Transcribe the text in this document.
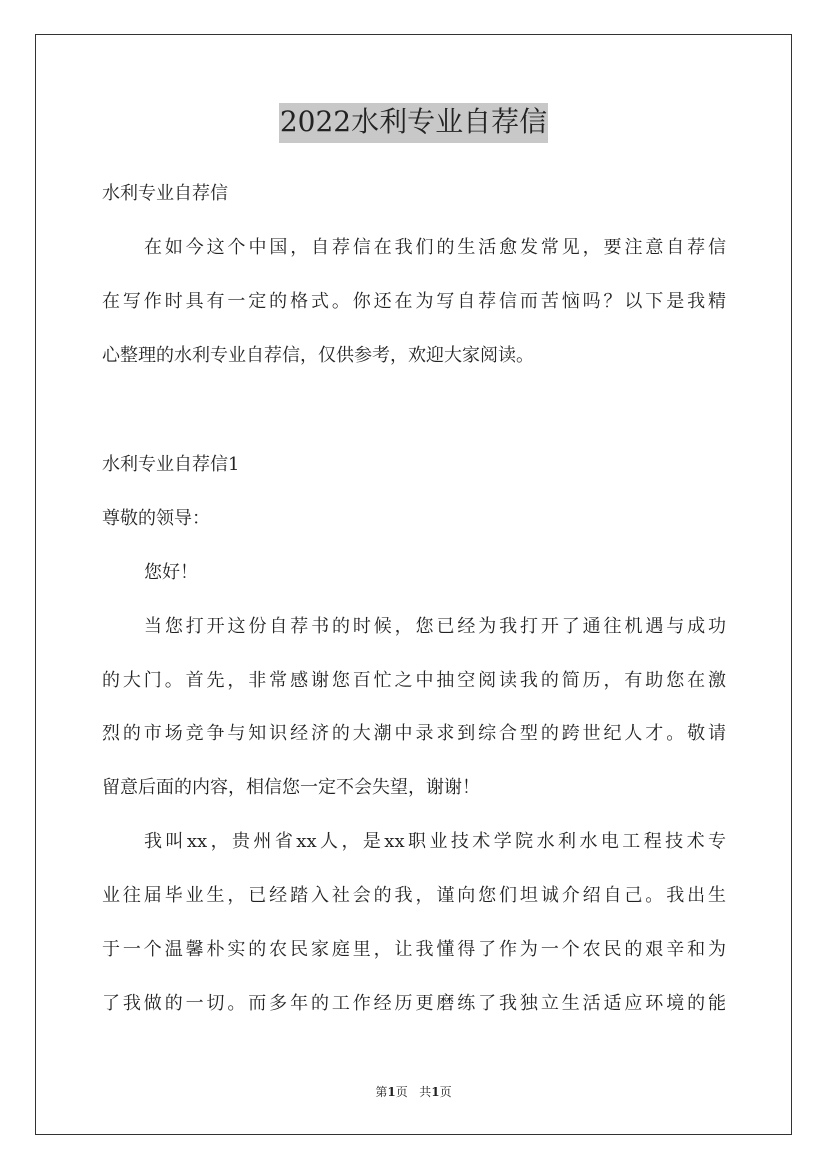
2022水利专业自荐信
水利专业自荐信
在如今这个中国，自荐信在我们的生活愈发常见，要注意自荐信
在写作时具有一定的格式。你还在为写自荐信而苦恼吗？以下是我精
心整理的水利专业自荐信，仅供参考，欢迎大家阅读。
水利专业自荐信1
尊敬的领导：
您好！
当您打开这份自荐书的时候，您已经为我打开了通往机遇与成功
的大门。首先，非常感谢您百忙之中抽空阅读我的简历，有助您在激
烈的市场竞争与知识经济的大潮中录求到综合型的跨世纪人才。敬请
留意后面的内容，相信您一定不会失望，谢谢！
我叫xx，贵州省xx人，是xx职业技术学院水利水电工程技术专
业往届毕业生，已经踏入社会的我，谨向您们坦诚介绍自己。我出生
于一个温馨朴实的农民家庭里，让我懂得了作为一个农民的艰辛和为
了我做的一切。而多年的工作经历更磨练了我独立生活适应环境的能
第1页 共1页
